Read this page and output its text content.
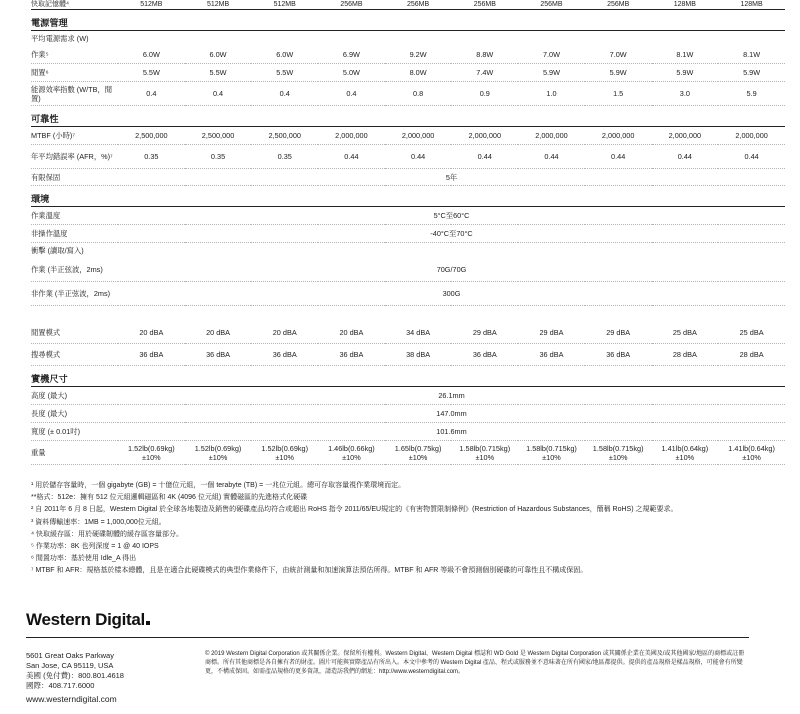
快取記憶體⁴	512MB	512MB	512MB	256MB	256MB	256MB	256MB	256MB	128MB	128MB
電源管理										
平均電源需求 (W)										
作業⁵	6.0W	6.0W	6.0W	6.9W	9.2W	8.8W	7.0W	7.0W	8.1W	8.1W
閒置⁶	5.5W	5.5W	5.5W	5.0W	8.0W	7.4W	5.9W	5.9W	5.9W	5.9W
能源效率指數 (W/TB，閒置)	0.4	0.4	0.4	0.4	0.8	0.9	1.0	1.5	3.0	5.9
可靠性										
MTBF (小時)⁷	2,500,000	2,500,000	2,500,000	2,000,000	2,000,000	2,000,000	2,000,000	2,000,000	2,000,000	2,000,000
年平均錯誤率 (AFR，%)⁷	0.35	0.35	0.35	0.44	0.44	0.44	0.44	0.44	0.44	0.44
有限保固	5年									
環境										
作業溫度	5°C至60°C									
非操作溫度	-40°C至70°C									
衝擊 (讀取/寫入)										
作業 (半正弦波，2ms)	70G/70G									
非作業 (半正弦波，2ms)	300G									

閒置模式	20 dBA	20 dBA	20 dBA	20 dBA	34 dBA	29 dBA	29 dBA	29 dBA	25 dBA	25 dBA
搜尋模式	36 dBA	36 dBA	36 dBA	36 dBA	38 dBA	36 dBA	36 dBA	36 dBA	28 dBA	28 dBA
實機尺寸										
高度 (最大)	26.1mm									
長度 (最大)	147.0mm									
寬度 (± 0.01吋)	101.6mm									
重量	1.52lb(0.69kg) ±10%	1.52lb(0.69kg) ±10%	1.52lb(0.69kg) ±10%	1.46lb(0.66kg) ±10%	1.65lb(0.75kg) ±10%	1.58lb(0.715kg) ±10%	1.58lb(0.715kg) ±10%	1.58lb(0.715kg) ±10%	1.41lb(0.64kg) ±10%	1.41lb(0.64kg) ±10%
¹ 用於儲存容量時，一個 gigabyte (GB) = 十億位元組，一個 terabyte (TB) = 一兆位元組。總可存取容量視作業環境而定。
**格式：512e：擁有 512 位元組邏輯磁區和 4K (4096 位元組) 實體磁區的先進格式化硬碟
² 自 2011年 6 月 8 日起，Western Digital 於全球各地製造及銷售的硬碟產品均符合或超出 RoHS 指令 2011/65/EU規定的《有害物質限制條例》(Restriction of Hazardous Substances，簡稱 RoHS) 之規範要求。
³ 資料傳輸速率：1MB = 1,000,000位元組。
⁴ 快取緩存區：用於硬碟韌體的緩存區容量部分。
⁵ 作業功率：8K 也列深度 = 1 @ 40 IOPS
⁶ 閒置功率：基於使用 Idle_A 得出
⁷ MTBF 和 AFR：規格基於樣本總體，且是在適合此硬碟模式的典型作業條件下，由統計測量和加速演算法預估所得。MTBF 和 AFR 等級不會預測個別硬碟的可靠性且不構成保固。
Western Digital
5601 Great Oaks Parkway
San Jose, CA 95119, USA
美國 (免付費)：800.801.4618
國際：408.717.6000
© 2019 Western Digital Corporation 或其關係企業。保留所有權利。Western Digital、Western Digital 標誌和 WD Gold 是 Western Digital Corporation 或其關係企業在美國及/或其他國家/地區的商標或註冊商標。所有其他商標是各自擁有者的財產。圖片可能與實際產品有所出入。本文中參考的 Western Digital 產品、程式或服務並不意味著在所有國家/地區都提供。提供的產品規格是樣品規格，可能會有所變更，不構成保固。如需產品規格的更多資訊，請造訪我們的網址：http://www.westerndigital.com。
www.westerndigital.com
